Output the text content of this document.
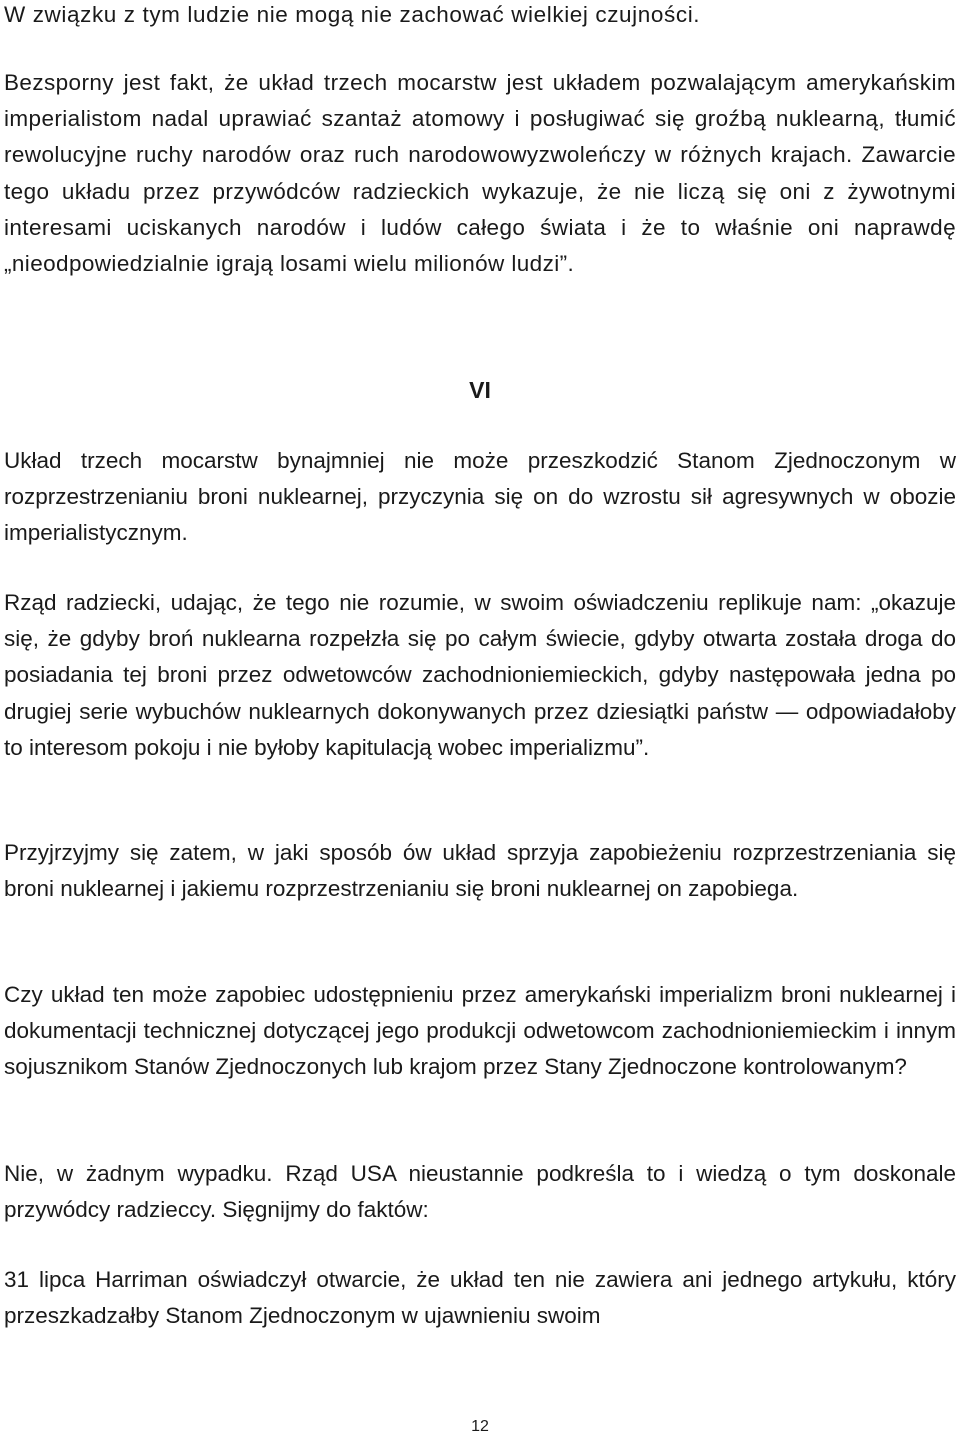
W związku z tym ludzie nie mogą nie zachować wielkiej czujności.

Bezsporny jest fakt, że układ trzech mocarstw jest układem pozwalającym amerykańskim imperialistom nadal uprawiać szantaż atomowy i posługiwać się groźbą nuklearną, tłumić rewolucyjne ruchy narodów oraz ruch narodowowyzwoleńczy w różnych krajach. Zawarcie tego układu przez przywódców radzieckich wykazuje, że nie liczą się oni z żywotnymi interesami uciskanych narodów i ludów całego świata i że to właśnie oni naprawdę „nieodpowiedzialnie igrają losami wielu milionów ludzi”.

VI

Układ trzech mocarstw bynajmniej nie może przeszkodzić Stanom Zjednoczonym w rozprzestrzenianiu broni nuklearnej, przyczynia się on do wzrostu sił agresywnych w obozie imperialistycznym.

Rząd radziecki, udając, że tego nie rozumie, w swoim oświadczeniu replikuje nam: „okazuje się, że gdyby broń nuklearna rozpełzła się po całym świecie, gdyby otwarta została droga do posiadania tej broni przez odwetowców zachodnioniemieckich, gdyby następowała jedna po drugiej serie wybuchów nuklearnych dokonywanych przez dziesiątki państw — odpowiadałoby to interesom pokoju i nie byłoby kapitulacją wobec imperializmu”.

Przyjrzyjmy się zatem, w jaki sposób ów układ sprzyja zapobieżeniu rozprzestrzeniania się broni nuklearnej i jakiemu rozprzestrzenianiu się broni nuklearnej on zapobiega.

Czy układ ten może zapobiec udostępnieniu przez amerykański imperializm broni nuklearnej i dokumentacji technicznej dotyczącej jego produkcji odwetowcom zachodnioniemieckim i innym sojusznikom Stanów Zjednoczonych lub krajom przez Stany Zjednoczone kontrolowanym?

Nie, w żadnym wypadku. Rząd USA nieustannie podkreśla to i wiedzą o tym doskonale przywódcy radzieccy. Sięgnijmy do faktów:

31 lipca Harriman oświadczył otwarcie, że układ ten nie zawiera ani jednego artykułu, który przeszkadzałby Stanom Zjednoczonym w ujawnieniu swoim

12
